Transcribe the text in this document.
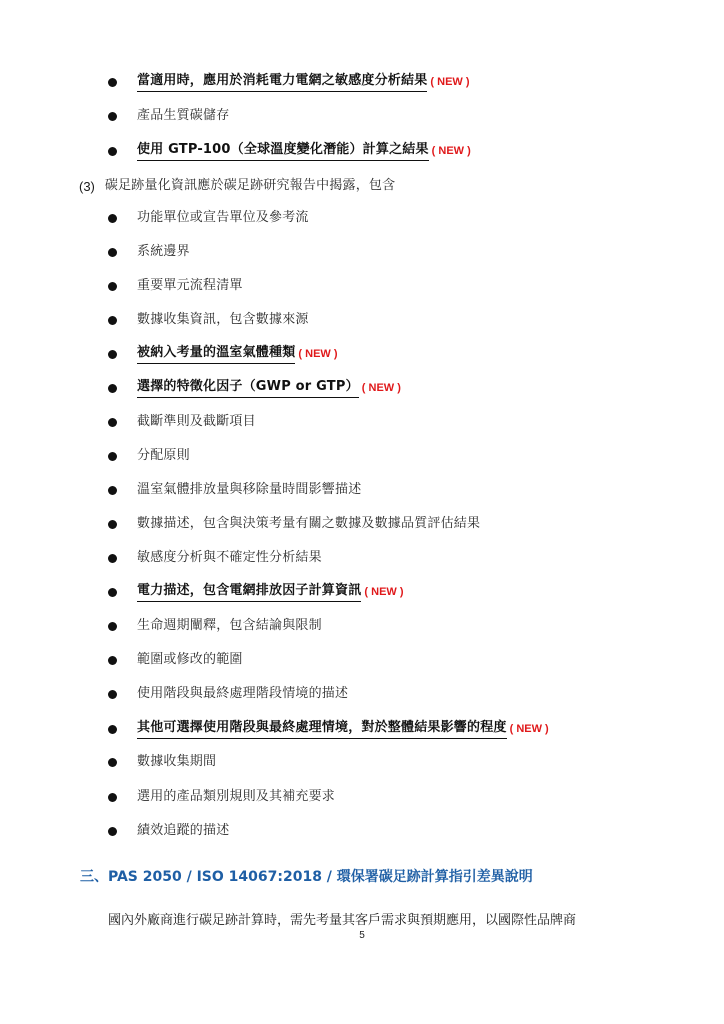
當適用時，應用於消耗電力電網之敏感度分析結果 ( NEW )
產品生質碳儲存
使用 GTP-100（全球溫度變化潛能）計算之結果 ( NEW )
(3) 碳足跡量化資訊應於碳足跡研究報告中揭露，包含
功能單位或宣告單位及參考流
系統邊界
重要單元流程清單
數據收集資訊，包含數據來源
被納入考量的溫室氣體種類 ( NEW )
選擇的特徵化因子（GWP or GTP） ( NEW )
截斷準則及截斷項目
分配原則
溫室氣體排放量與移除量時間影響描述
數據描述，包含與決策考量有關之數據及數據品質評估結果
敏感度分析與不確定性分析結果
電力描述，包含電網排放因子計算資訊 ( NEW )
生命週期闡釋，包含結論與限制
範圍或修改的範圍
使用階段與最終處理階段情境的描述
其他可選擇使用階段與最終處理情境，對於整體結果影響的程度 ( NEW )
數據收集期間
選用的產品類別規則及其補充要求
績效追蹤的描述
三、PAS 2050 / ISO 14067:2018 / 環保署碳足跡計算指引差異說明
國內外廠商進行碳足跡計算時，需先考量其客戶需求與預期應用，以國際性品牌商
5
